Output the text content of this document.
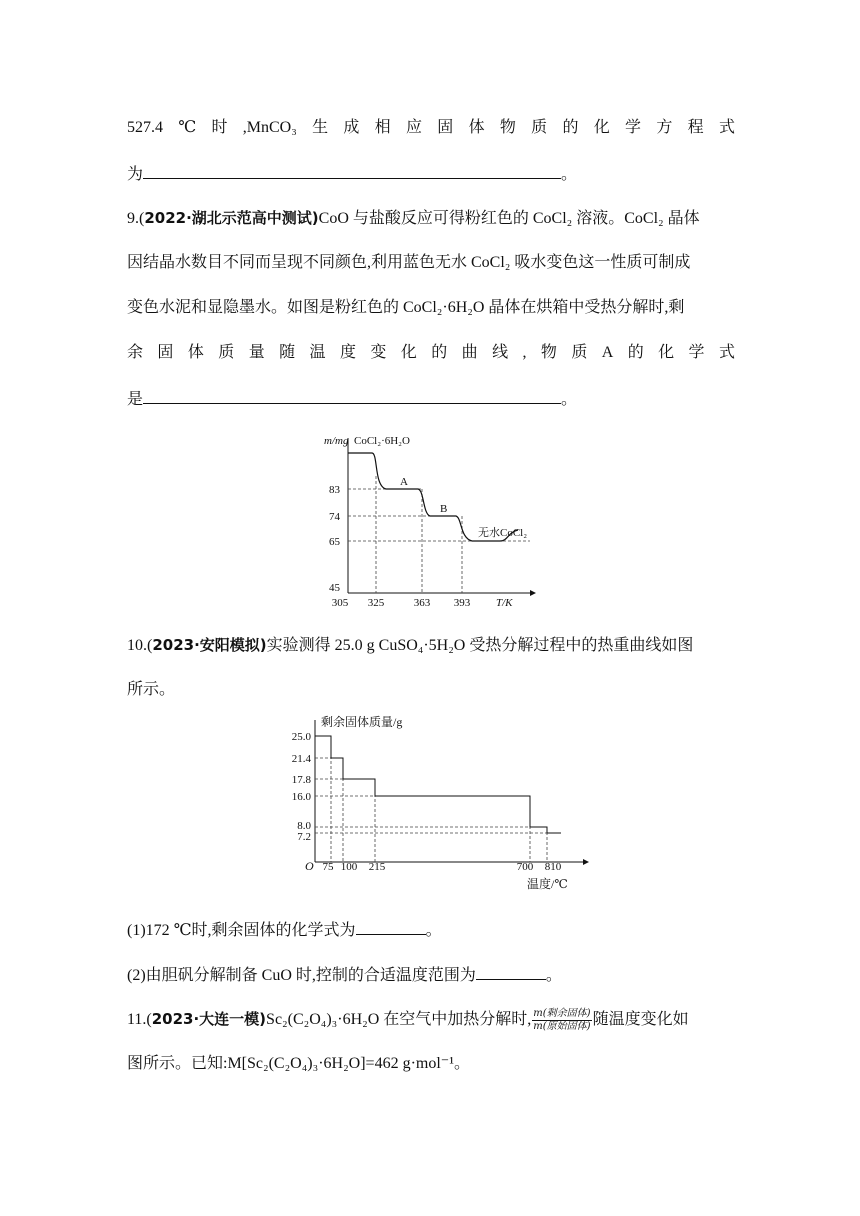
527.4 ℃ 时 ,MnCO₃ 生 成 相 应 固 体 物 质 的 化 学 方 程 式
为	。
9.(2022·湖北示范高中测试)CoO 与盐酸反应可得粉红色的 CoCl₂ 溶液。CoCl₂ 晶体
因结晶水数目不同而呈现不同颜色,利用蓝色无水 CoCl₂ 吸水变色这一性质可制成
变色水泥和显隐墨水。如图是粉红色的 CoCl₂·6H₂O 晶体在烘箱中受热分解时,剩
余 固 体 质 量 随 温 度 变 化 的 曲 线 , 物 质 A 的 化 学 式
是	。
m/mg CoCl₂·6H₂O
A
B
无水CoCl₂
83
74
65
45
305 325	363 393 T/K
10.(2023·安阳模拟)实验测得 25.0 g CuSO₄·5H₂O 受热分解过程中的热重曲线如图
所示。
剩余固体质量/g
25.0
21.4
17.8
16.0
8.0
7.2
O 75 100 215	700 810
温度/℃
(1)172 ℃时,剩余固体的化学式为	。
(2)由胆矾分解制备 CuO 时,控制的合适温度范围为	。
11.(2023·大连一模)Sc₂(C₂O₄)₃·6H₂O 在空气中加热分解时, $\frac{\text{m(剩余固体)}}{\text{m(原始固体)}}$ 随温度变化如
图所示。已知:M[Sc₂(C₂O₄)₃·6H₂O]=462 g·mol⁻¹。
